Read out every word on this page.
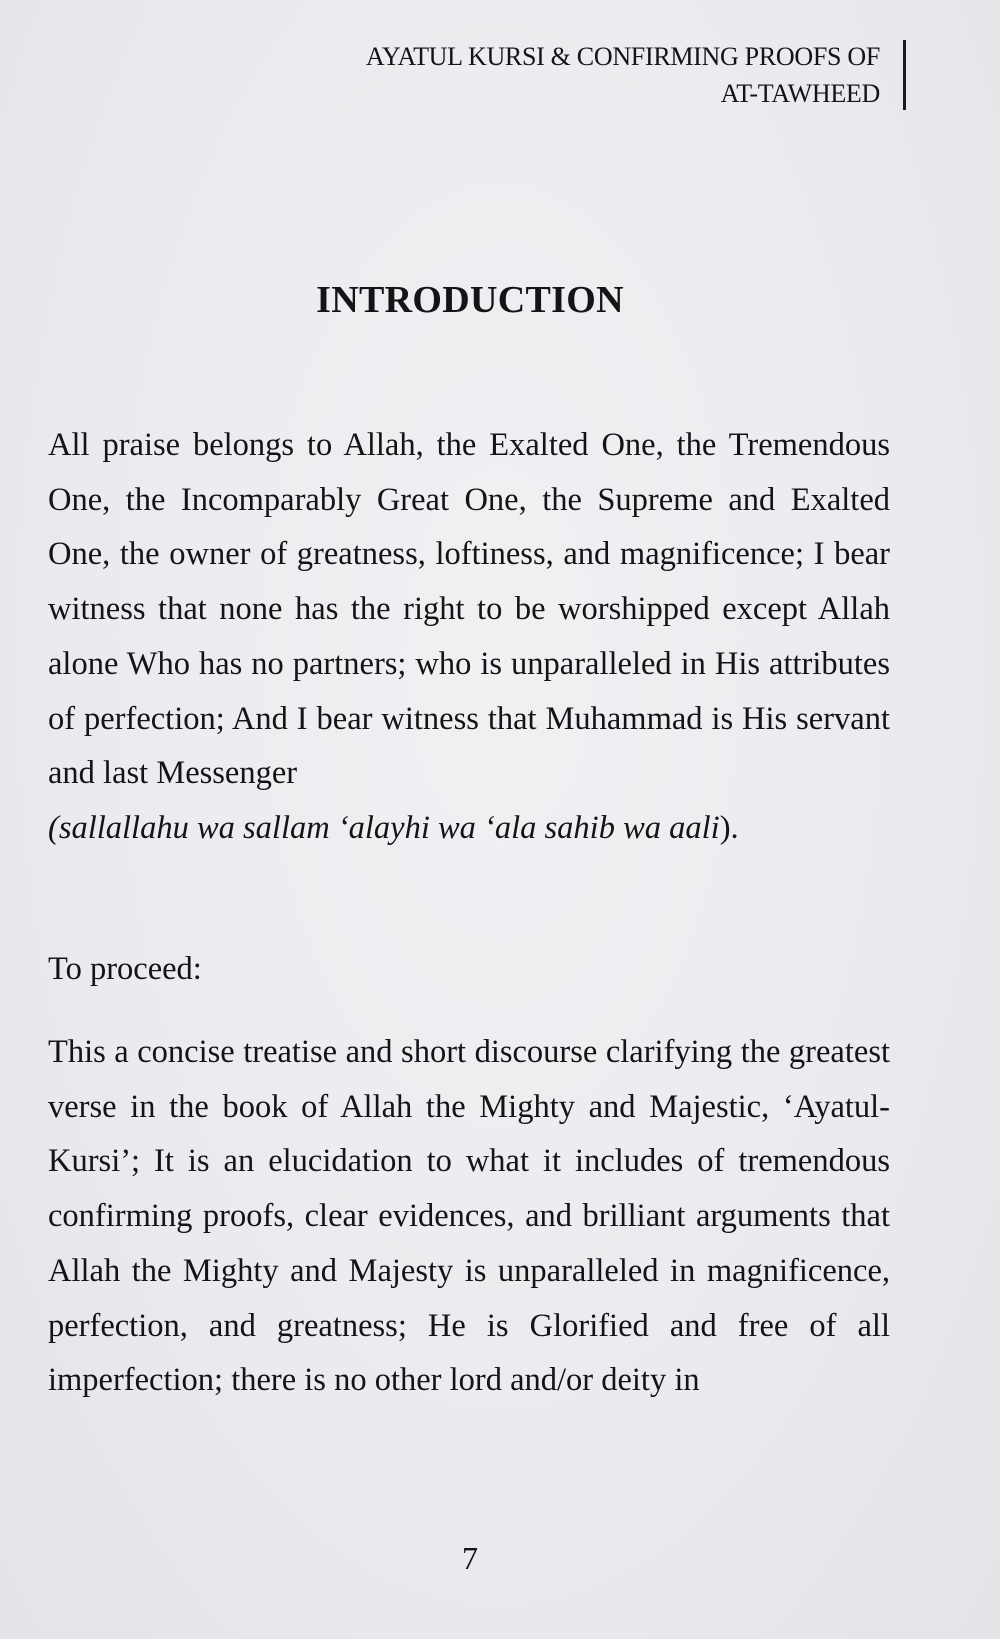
AYATUL KURSI & CONFIRMING PROOFS OF
AT-TAWHEED
INTRODUCTION

All praise belongs to Allah, the Exalted One, the Tremendous One, the Incomparably Great One, the Supreme and Exalted One, the owner of greatness, loftiness, and magnificence; I bear witness that none has the right to be worshipped except Allah alone Who has no partners; who is unparalleled in His attributes of perfection; And I bear witness that Muhammad is His servant and last Messenger
(sallallahu wa sallam ‘alayhi wa ‘ala sahib wa aali).

To proceed:

This a concise treatise and short discourse clarifying the greatest verse in the book of Allah the Mighty and Majestic, ‘Ayatul-Kursi’; It is an elucidation to what it includes of tremendous confirming proofs, clear evidences, and brilliant arguments that Allah the Mighty and Majesty is unparalleled in magnificence, perfection, and greatness; He is Glorified and free of all imperfection; there is no other lord and/or deity in

7
